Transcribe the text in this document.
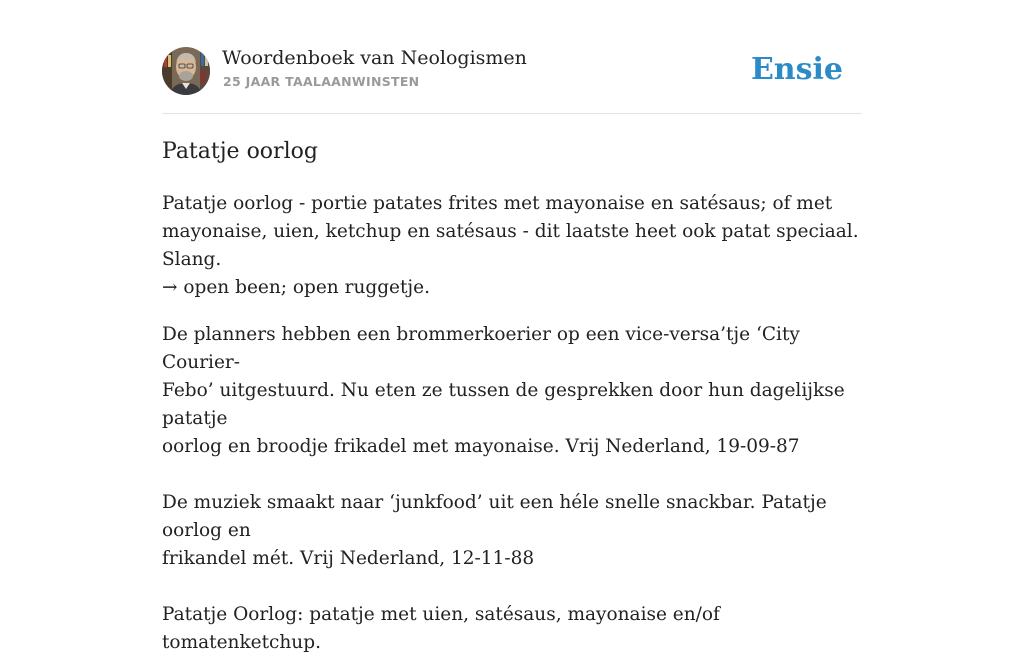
Woordenboek van Neologismen
25 JAAR TAALAANWINSTEN	Ensie
Patatje oorlog

Patatje oorlog - portie patates frites met mayonaise en satésaus; of met
mayonaise, uien, ketchup en satésaus - dit laatste heet ook patat speciaal. Slang.
→ open been; open ruggetje.

De planners hebben een brommerkoerier op een vice-versa’tje ‘City Courier-
Febo’ uitgestuurd. Nu eten ze tussen de gesprekken door hun dagelijkse patatje
oorlog en broodje frikadel met mayonaise. Vrij Nederland, 19-09-87
De muziek smaakt naar ‘junkfood’ uit een héle snelle snackbar. Patatje oorlog en
frikandel mét. Vrij Nederland, 12-11-88
Patatje Oorlog: patatje met uien, satésaus, mayonaise en/of tomatenketchup.
